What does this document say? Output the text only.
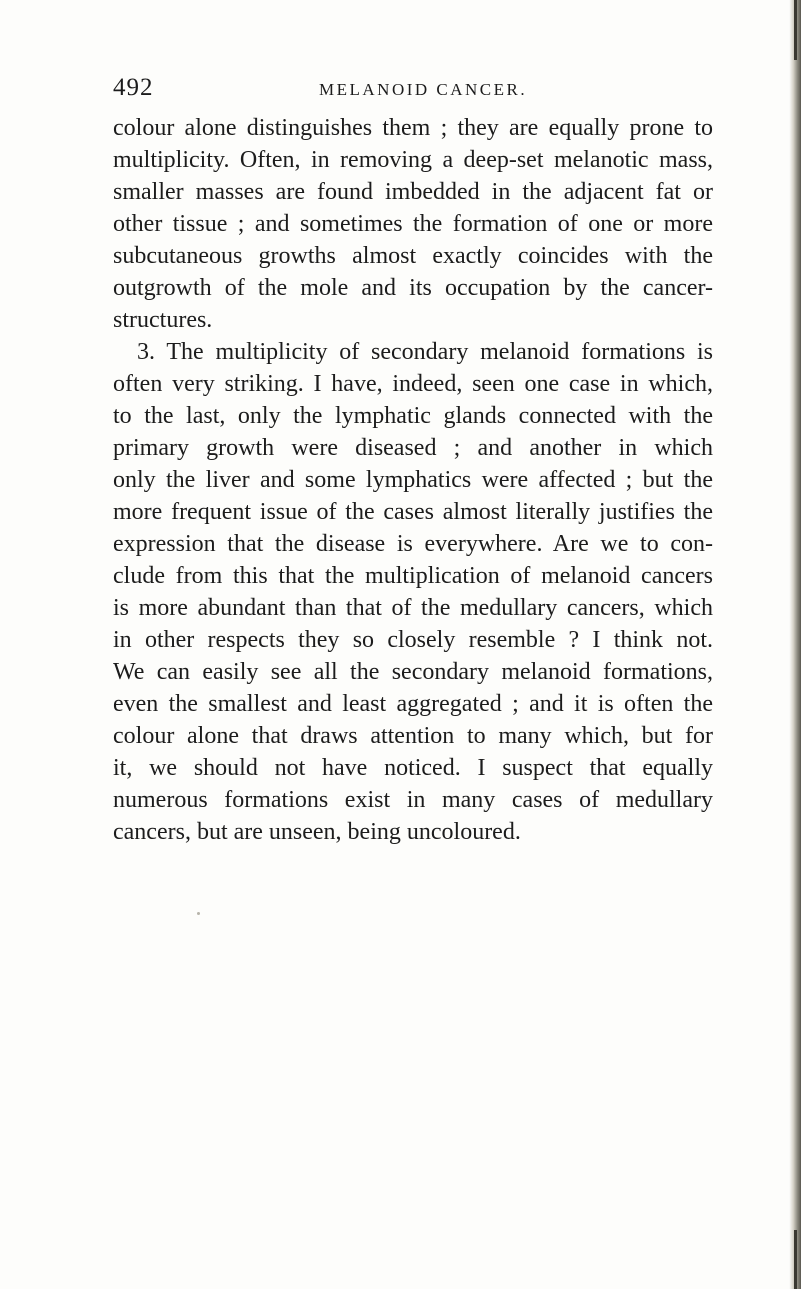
492	MELANOID CANCER.
colour alone distinguishes them ; they are equally prone to
multiplicity. Often, in removing a deep-set melanotic mass,
smaller masses are found imbedded in the adjacent fat or
other tissue ; and sometimes the formation of one or more
subcutaneous growths almost exactly coincides with the
outgrowth of the mole and its occupation by the cancer-
structures.
3. The multiplicity of secondary melanoid formations is
often very striking. I have, indeed, seen one case in which,
to the last, only the lymphatic glands connected with the
primary growth were diseased ; and another in which
only the liver and some lymphatics were affected ; but the
more frequent issue of the cases almost literally justifies the
expression that the disease is everywhere. Are we to con-
clude from this that the multiplication of melanoid cancers
is more abundant than that of the medullary cancers, which
in other respects they so closely resemble ? I think not.
We can easily see all the secondary melanoid formations,
even the smallest and least aggregated ; and it is often the
colour alone that draws attention to many which, but for
it, we should not have noticed. I suspect that equally
numerous formations exist in many cases of medullary
cancers, but are unseen, being uncoloured.
